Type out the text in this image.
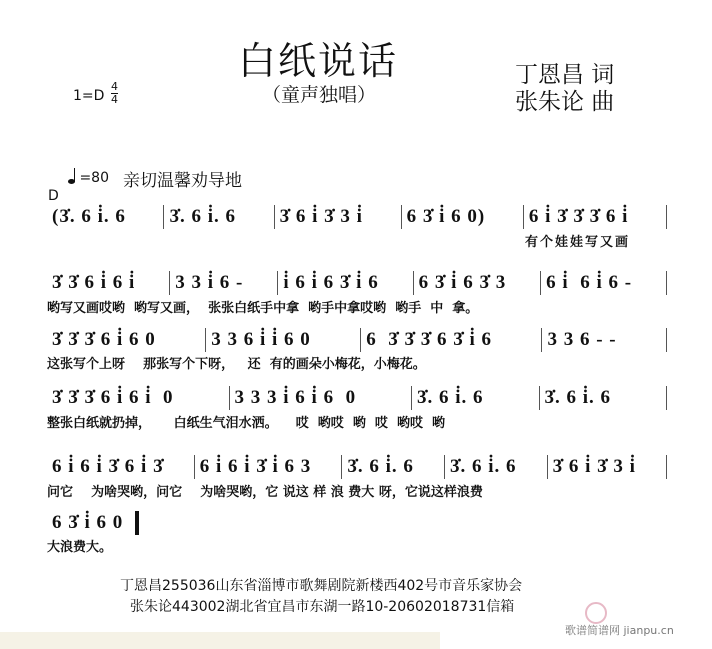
白纸说话
（童声独唱）
1=D
4
4
丁恩昌 词
张朱论 曲
=80 亲切温馨劝导地
D
(3̇. 6 i̇. 6	3̇. 6 i̇. 6	3̇ 6 i̇ 3̇ 3 i̇	6 3̇ i̇ 6 0)	6 i̇ 3̇ 3̇ 3̇ 6 i̇
有个娃娃写又画
3̇ 3̇ 6 i̇ 6 i̇	3 3 i̇ 6 -	i̇ 6 i̇ 6 3̇ i̇ 6	6 3̇ i̇ 6 3̇ 3	6 i̇  6 i̇ 6 -
哟写又画哎哟  哟写又画，  张张白纸手中拿  哟手中拿哎哟  哟手  中  拿。
3̇ 3̇ 3̇ 6 i̇ 6 0	3 3 6 i̇ i̇ 6 0	6  3̇ 3̇ 3̇ 6 3̇ i̇ 6	3 3 6 - -
这张写个上呀    那张写个下呀，   还  有的画朵小梅花，小梅花。
3̇ 3̇ 3̇ 6 i̇ 6 i̇  0	3 3 3 i̇ 6 i̇ 6  0	3̇. 6 i̇. 6	3̇. 6 i̇. 6
整张白纸就扔掉，     白纸生气泪水洒。    哎  哟哎  哟  哎  哟哎  哟
6 i̇ 6 i̇ 3̇ 6 i̇ 3̇	6 i̇ 6 i̇ 3̇ i̇ 6 3	3̇. 6 i̇. 6	3̇. 6 i̇. 6	3̇ 6 i̇ 3̇ 3 i̇
问它    为啥哭哟，问它    为啥哭哟，它 说这 样 浪 费大 呀，它说这样浪费
6 3̇ i̇ 6 0
大浪费大。
丁恩昌255036山东省淄博市歌舞剧院新楼西402号市音乐家协会
张朱论443002湖北省宜昌市东湖一路10-20602018731信箱
歌谱简谱网 jianpu.cn
